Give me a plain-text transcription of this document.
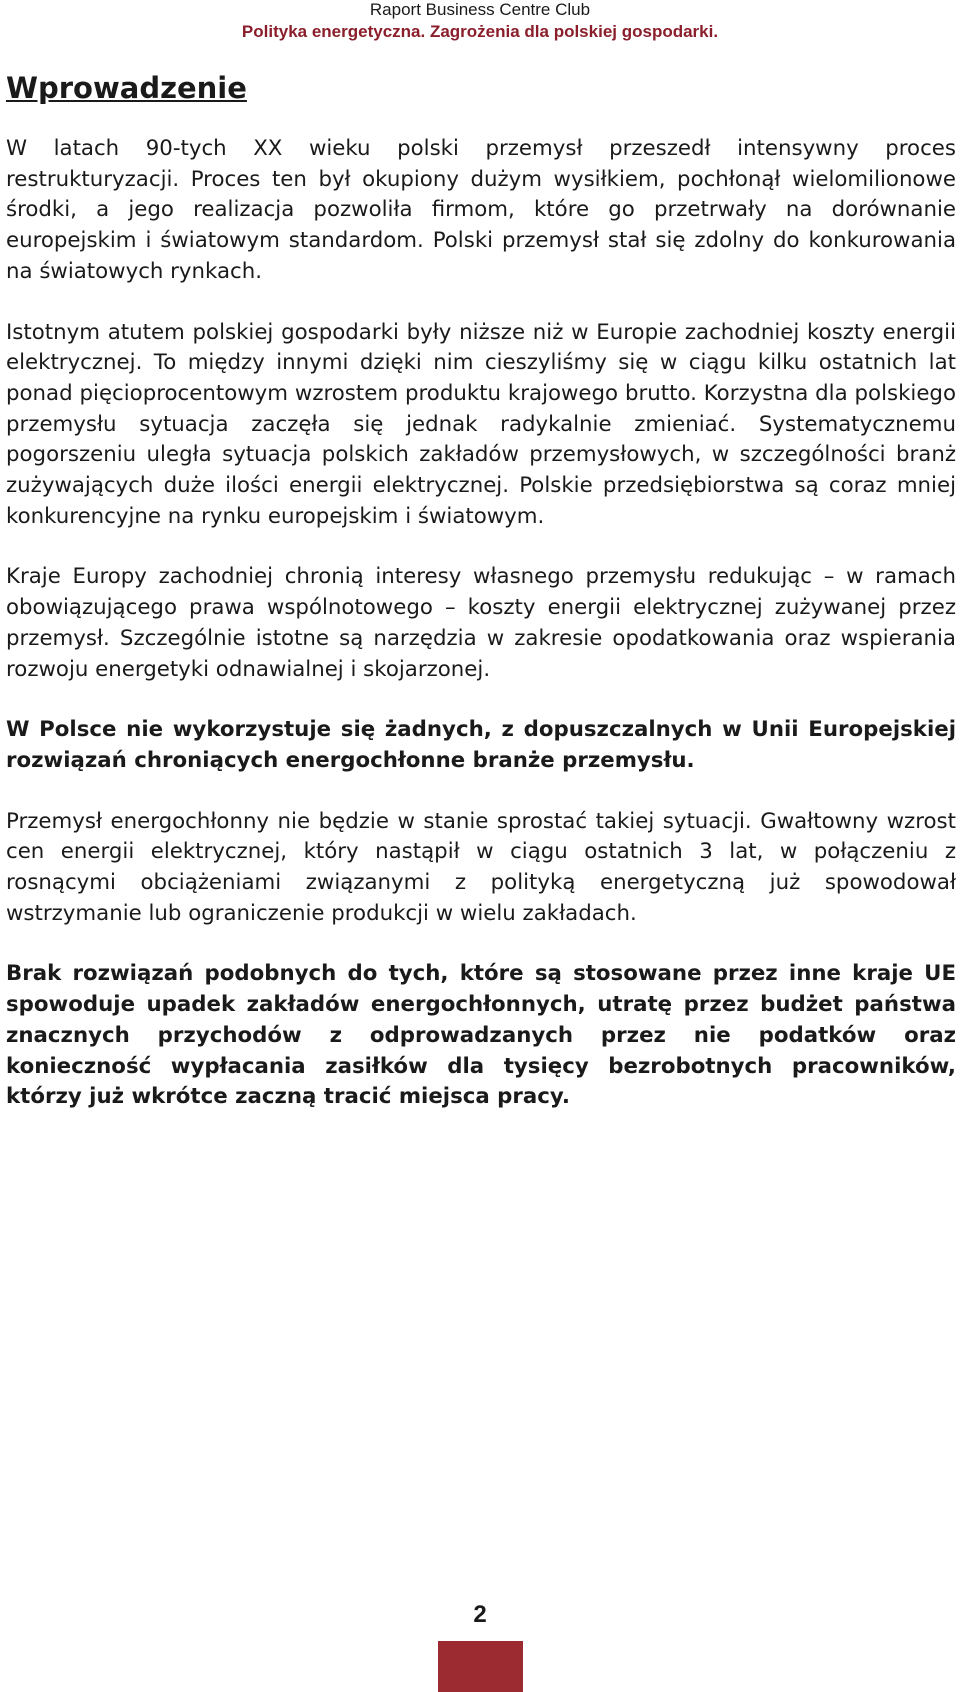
Raport Business Centre Club
Polityka energetyczna. Zagrożenia dla polskiej gospodarki.
Wprowadzenie

W latach 90-tych XX wieku polski przemysł przeszedł intensywny proces restrukturyzacji. Proces ten był okupiony dużym wysiłkiem, pochłonął wielomilionowe środki, a jego realizacja pozwoliła firmom, które go przetrwały na dorównanie europejskim i światowym standardom. Polski przemysł stał się zdolny do konkurowania na światowych rynkach.

Istotnym atutem polskiej gospodarki były niższe niż w Europie zachodniej koszty energii elektrycznej. To między innymi dzięki nim cieszyliśmy się w ciągu kilku ostatnich lat ponad pięcioprocentowym wzrostem produktu krajowego brutto. Korzystna dla polskiego przemysłu sytuacja zaczęła się jednak radykalnie zmieniać. Systematycznemu pogorszeniu uległa sytuacja polskich zakładów przemysłowych, w szczególności branż zużywających duże ilości energii elektrycznej. Polskie przedsiębiorstwa są coraz mniej konkurencyjne na rynku europejskim i światowym.

Kraje Europy zachodniej chronią interesy własnego przemysłu redukując – w ramach obowiązującego prawa wspólnotowego – koszty energii elektrycznej zużywanej przez przemysł. Szczególnie istotne są narzędzia w zakresie opodatkowania oraz wspierania rozwoju energetyki odnawialnej i skojarzonej.

W Polsce nie wykorzystuje się żadnych, z dopuszczalnych w Unii Europejskiej rozwiązań chroniących energochłonne branże przemysłu.

Przemysł energochłonny nie będzie w stanie sprostać takiej sytuacji. Gwałtowny wzrost cen energii elektrycznej, który nastąpił w ciągu ostatnich 3 lat, w połączeniu z rosnącymi obciążeniami związanymi z polityką energetyczną już spowodował wstrzymanie lub ograniczenie produkcji w wielu zakładach.

Brak rozwiązań podobnych do tych, które są stosowane przez inne kraje UE spowoduje upadek zakładów energochłonnych, utratę przez budżet państwa znacznych przychodów z odprowadzanych przez nie podatków oraz konieczność wypłacania zasiłków dla tysięcy bezrobotnych pracowników, którzy już wkrótce zaczną tracić miejsca pracy.

2
